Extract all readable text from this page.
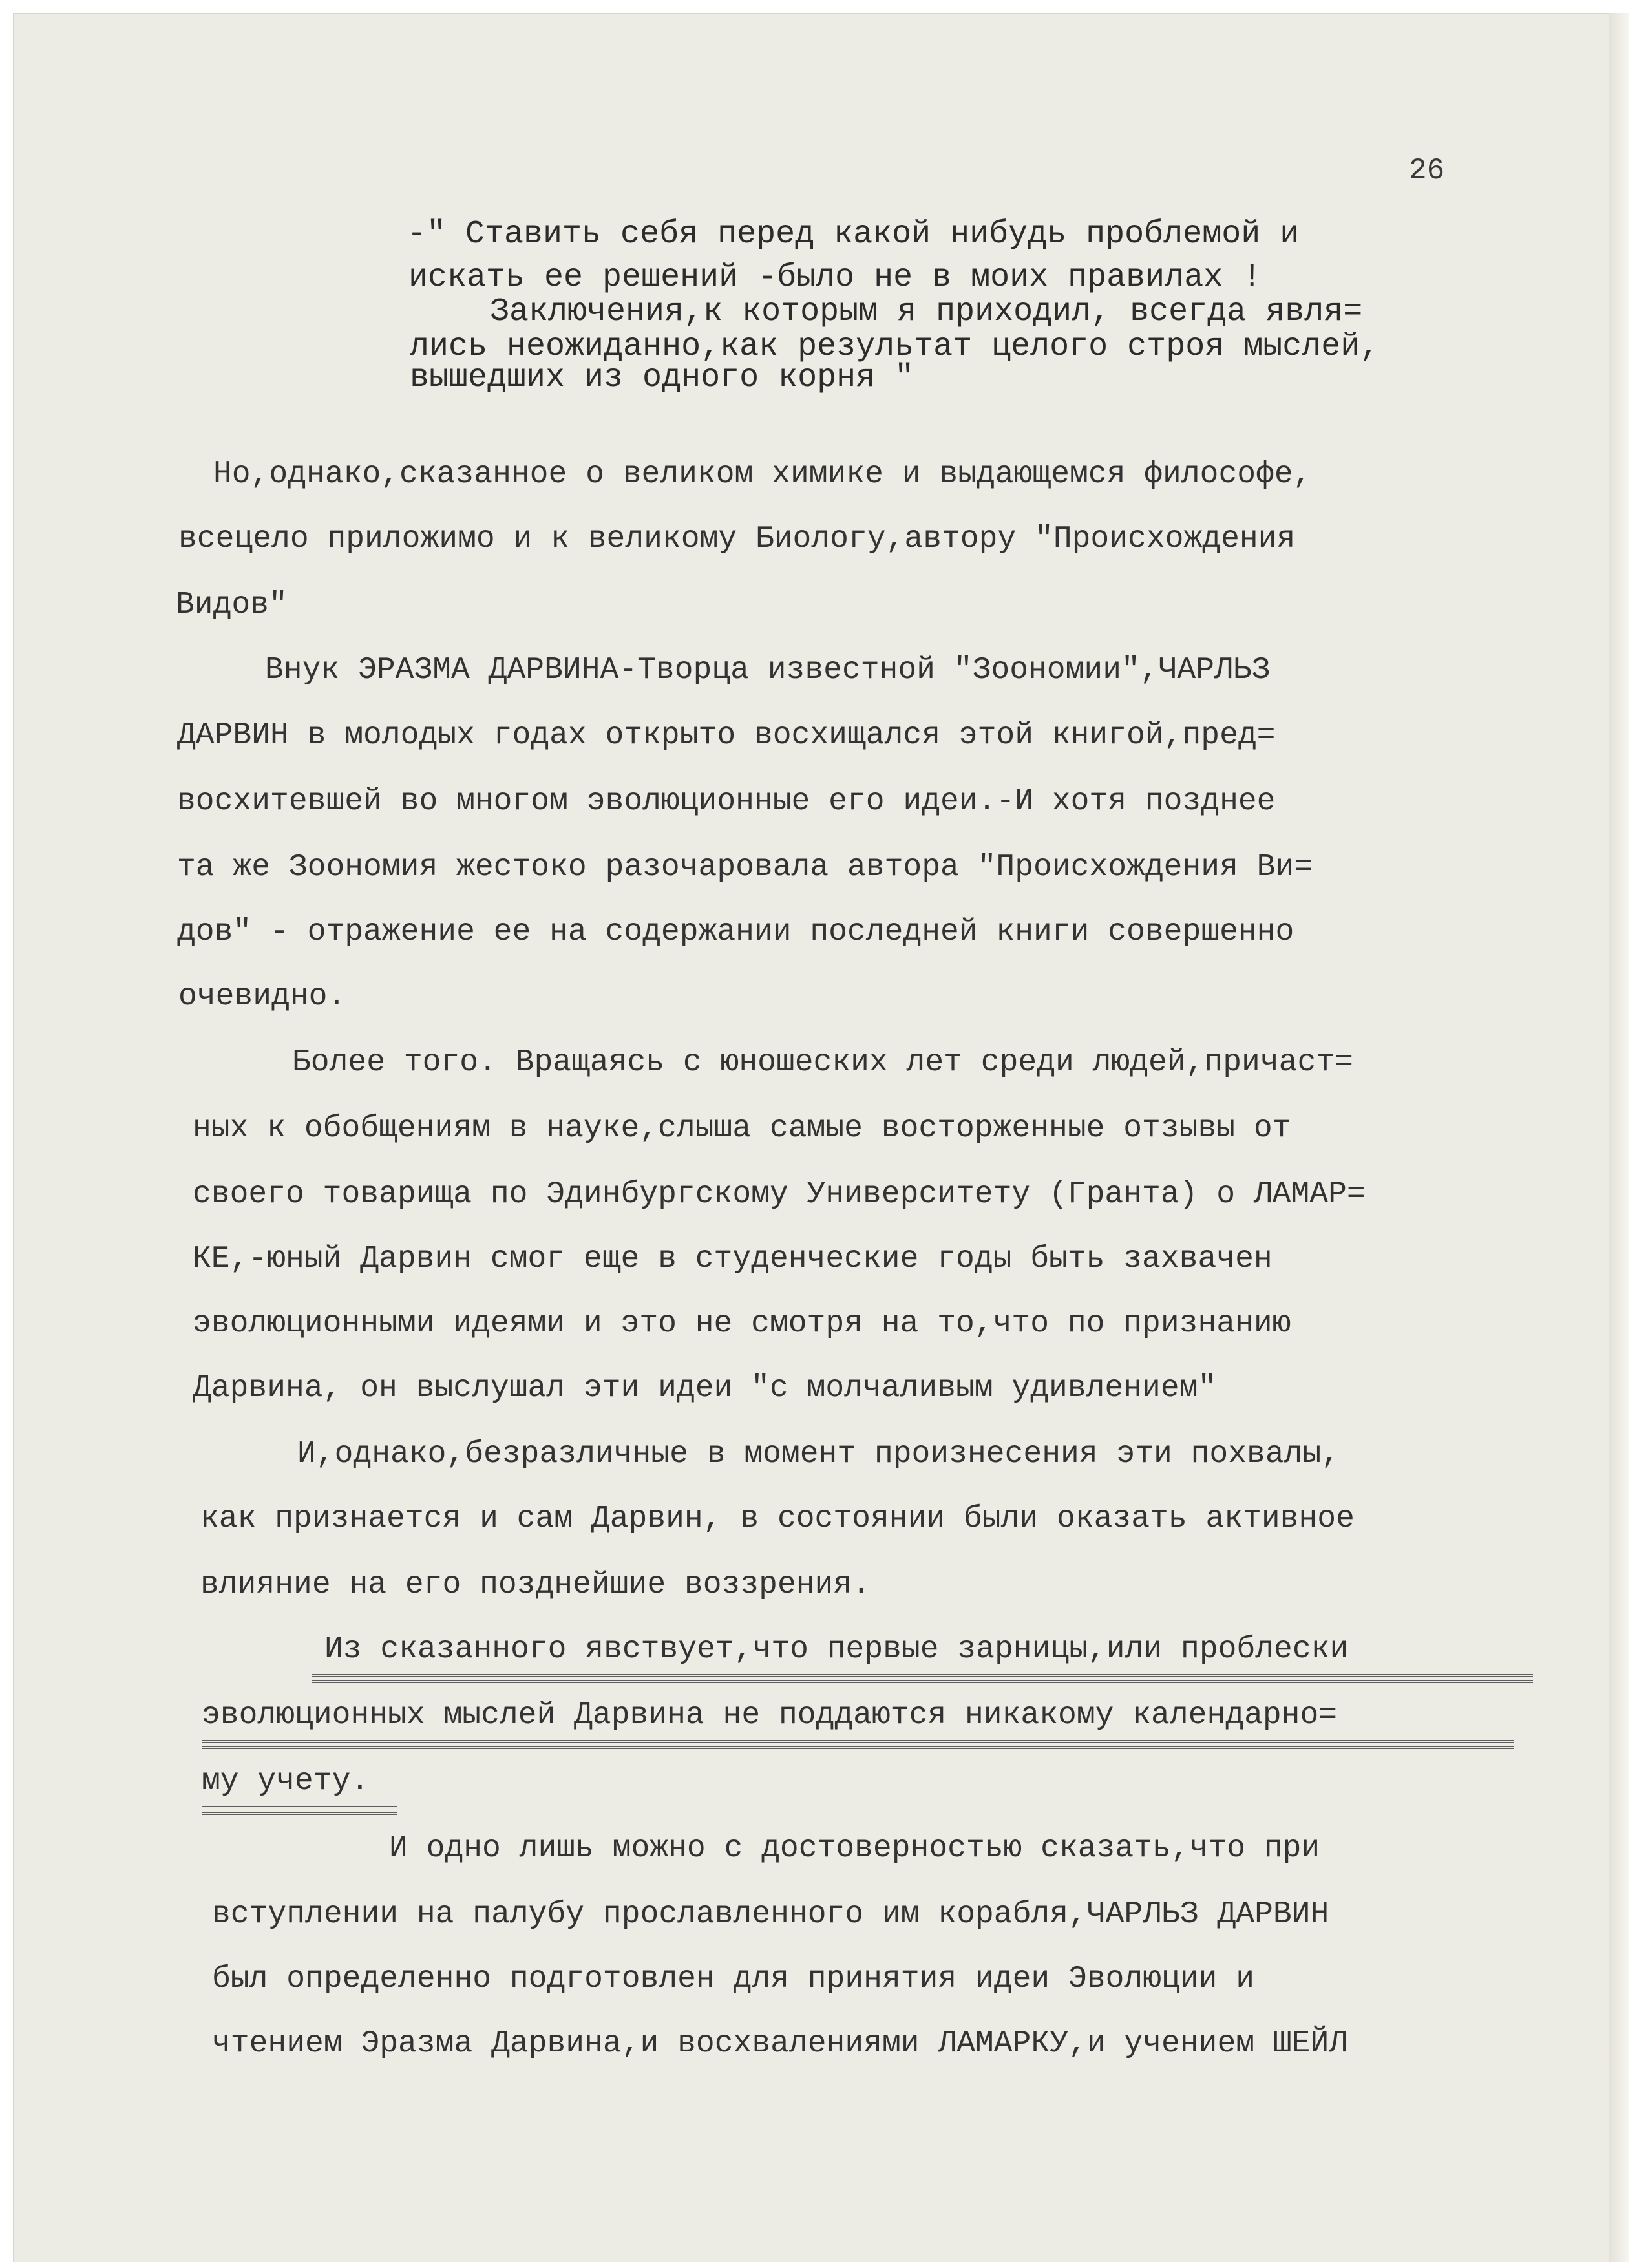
26

-" Ставить себя перед какой нибудь проблемой и

искать ее решений -было не в моих правилах !

Заключения,к которым я приходил, всегда явля=

лись неожиданно,как результат целого строя мыслей,

вышедших из одного корня "

Но,однако,сказанное о великом химике и выдающемся философе,

всецело приложимо и к великому Биологу,автору "Происхождения

Видов"

Внук ЭРАЗМА ДАРВИНА-Творца известной "Зоономии",ЧАРЛЬЗ

ДАРВИН в молодых годах открыто восхищался этой книгой,пред=

восхитевшей во многом эволюционные его идеи.-И хотя позднее

та же Зоономия жестоко разочаровала автора "Происхождения Ви=

дов" - отражение ее на содержании последней книги совершенно

очевидно.

Более того. Вращаясь с юношеских лет среди людей,причаст=

ных к обобщениям в науке,слыша самые восторженные отзывы от

своего товарища по Эдинбургскому Университету (Гранта) о ЛАМАР=

КЕ,-юный Дарвин смог еще в студенческие годы быть захвачен

эволюционными идеями и это не смотря на то,что по признанию

Дарвина, он выслушал эти идеи "с молчаливым удивлением"

И,однако,безразличные в момент произнесения эти похвалы,

как признается и сам Дарвин, в состоянии были оказать активное

влияние на его позднейшие воззрения.

Из сказанного явствует,что первые зарницы,или проблески

эволюционных мыслей Дарвина не поддаются никакому календарно=

му учету.

И одно лишь можно с достоверностью сказать,что при

вступлении на палубу прославленного им корабля,ЧАРЛЬЗ ДАРВИН

был определенно подготовлен для принятия идеи Эволюции и

чтением Эразма Дарвина,и восхвалениями ЛАМАРКУ,и учением ШЕЙЛ
